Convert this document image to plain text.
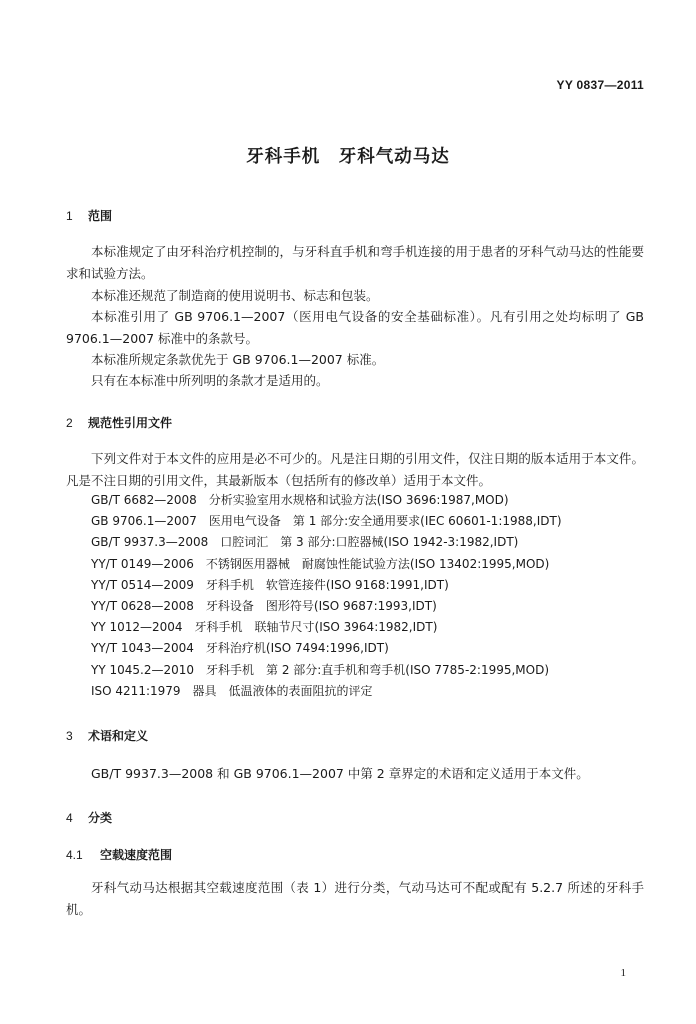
YY 0837—2011
牙科手机　牙科气动马达
1 范围
本标准规定了由牙科治疗机控制的，与牙科直手机和弯手机连接的用于患者的牙科气动马达的性能要求和试验方法。
本标准还规范了制造商的使用说明书、标志和包装。
本标准引用了 GB 9706.1—2007（医用电气设备的安全基础标准）。凡有引用之处均标明了 GB 9706.1—2007 标准中的条款号。
本标准所规定条款优先于 GB 9706.1—2007 标准。
只有在本标准中所列明的条款才是适用的。
2 规范性引用文件
下列文件对于本文件的应用是必不可少的。凡是注日期的引用文件，仅注日期的版本适用于本文件。凡是不注日期的引用文件，其最新版本（包括所有的修改单）适用于本文件。
GB/T 6682—2008　分析实验室用水规格和试验方法(ISO 3696:1987,MOD)
GB 9706.1—2007　医用电气设备　第 1 部分:安全通用要求(IEC 60601-1:1988,IDT)
GB/T 9937.3—2008　口腔词汇　第 3 部分:口腔器械(ISO 1942-3:1982,IDT)
YY/T 0149—2006　不锈钢医用器械　耐腐蚀性能试验方法(ISO 13402:1995,MOD)
YY/T 0514—2009　牙科手机　软管连接件(ISO 9168:1991,IDT)
YY/T 0628—2008　牙科设备　图形符号(ISO 9687:1993,IDT)
YY 1012—2004　牙科手机　联轴节尺寸(ISO 3964:1982,IDT)
YY/T 1043—2004　牙科治疗机(ISO 7494:1996,IDT)
YY 1045.2—2010　牙科手机　第 2 部分:直手机和弯手机(ISO 7785-2:1995,MOD)
ISO 4211:1979　器具　低温液体的表面阻抗的评定
3 术语和定义
GB/T 9937.3—2008 和 GB 9706.1—2007 中第 2 章界定的术语和定义适用于本文件。
4 分类
4.1 空载速度范围
牙科气动马达根据其空载速度范围（表 1）进行分类，气动马达可不配或配有 5.2.7 所述的牙科手机。
1
